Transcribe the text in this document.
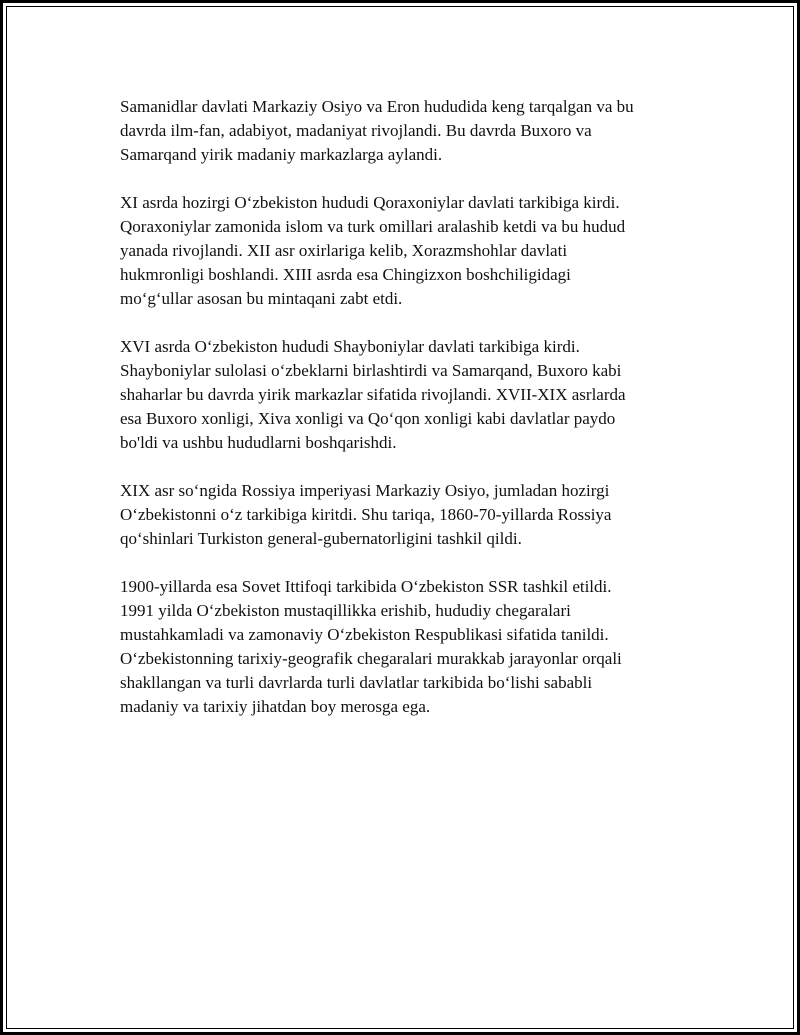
Samanidlar davlati Markaziy Osiyo va Eron hududida keng tarqalgan va bu
davrda ilm-fan, adabiyot, madaniyat rivojlandi. Bu davrda Buxoro va
Samarqand yirik madaniy markazlarga aylandi.

XI asrda hozirgi O‘zbekiston hududi Qoraxoniylar davlati tarkibiga kirdi.
Qoraxoniylar zamonida islom va turk omillari aralashib ketdi va bu hudud
yanada rivojlandi. XII asr oxirlariga kelib, Xorazmshohlar davlati
hukmronligi boshlandi. XIII asrda esa Chingizxon boshchiligidagi
mo‘g‘ullar asosan bu mintaqani zabt etdi.

XVI asrda O‘zbekiston hududi Shayboniylar davlati tarkibiga kirdi.
Shayboniylar sulolasi o‘zbeklarni birlashtirdi va Samarqand, Buxoro kabi
shaharlar bu davrda yirik markazlar sifatida rivojlandi. XVII-XIX asrlarda
esa Buxoro xonligi, Xiva xonligi va Qo‘qon xonligi kabi davlatlar paydo
bo'ldi va ushbu hududlarni boshqarishdi.

XIX asr so‘ngida Rossiya imperiyasi Markaziy Osiyo, jumladan hozirgi
O‘zbekistonni o‘z tarkibiga kiritdi. Shu tariqa, 1860-70-yillarda Rossiya
qo‘shinlari Turkiston general-gubernatorligini tashkil qildi.

1900-yillarda esa Sovet Ittifoqi tarkibida O‘zbekiston SSR tashkil etildi.
1991 yilda O‘zbekiston mustaqillikka erishib, hududiy chegaralari
mustahkamladi va zamonaviy O‘zbekiston Respublikasi sifatida tanildi.
O‘zbekistonning tarixiy-geografik chegaralari murakkab jarayonlar orqali
shakllangan va turli davrlarda turli davlatlar tarkibida bo‘lishi sababli
madaniy va tarixiy jihatdan boy merosga ega.
